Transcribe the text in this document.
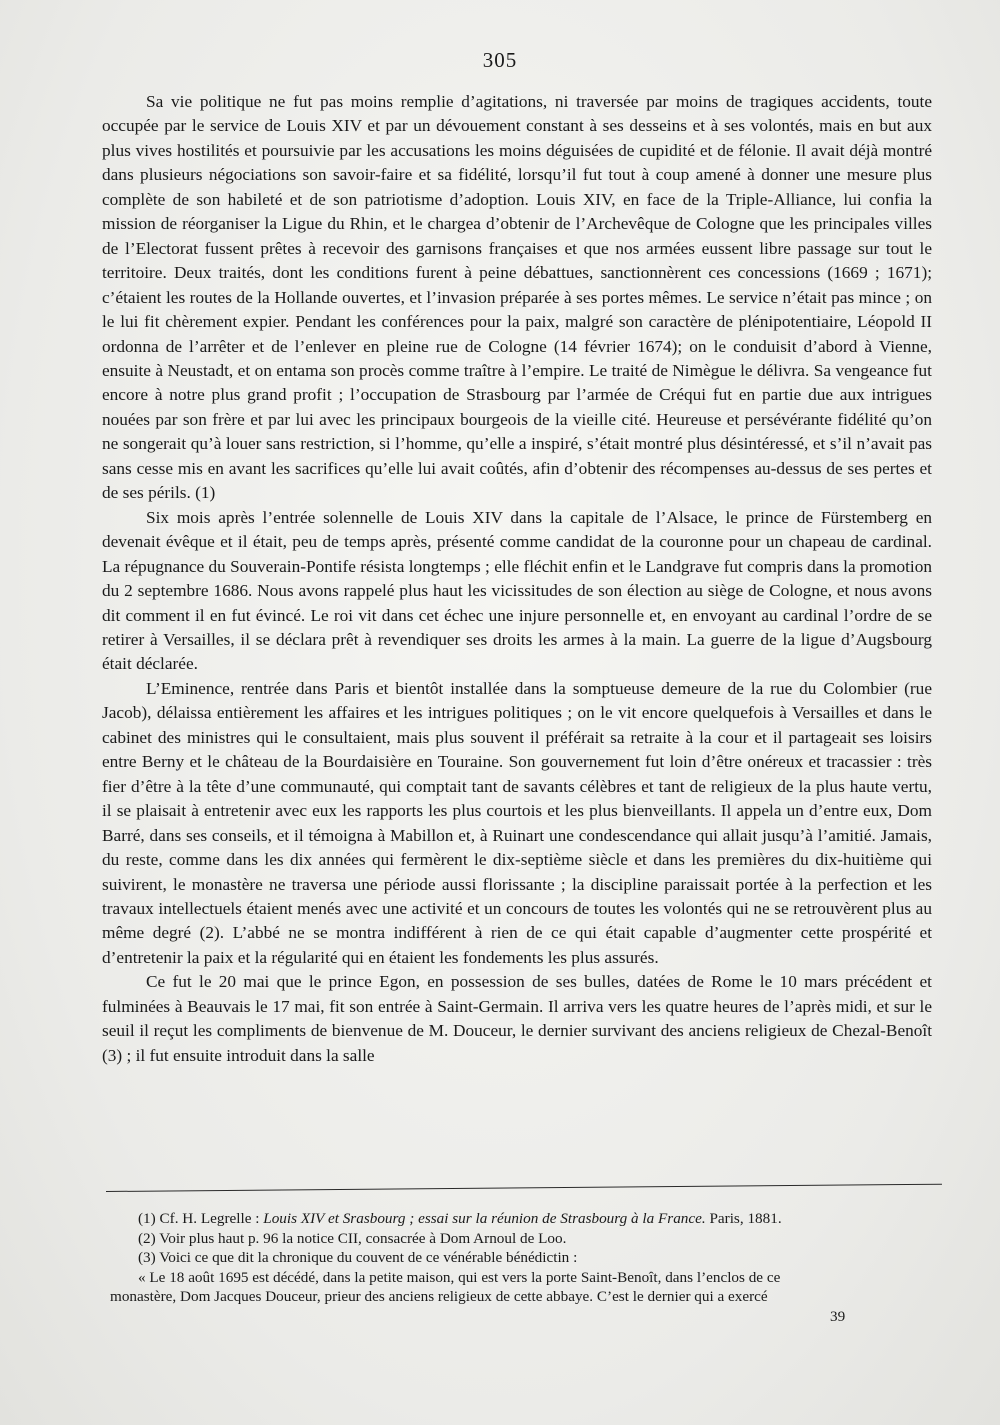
305

Sa vie politique ne fut pas moins remplie d’agitations, ni traversée par moins de tragiques accidents, toute occupée par le service de Louis XIV et par un dévouement constant à ses desseins et à ses volontés, mais en but aux plus vives hostilités et poursuivie par les accusations les moins déguisées de cupidité et de félonie. Il avait déjà montré dans plusieurs négociations son savoir-faire et sa fidélité, lorsqu’il fut tout à coup amené à donner une mesure plus complète de son habileté et de son patriotisme d’adoption. Louis XIV, en face de la Triple-Alliance, lui confia la mission de réorganiser la Ligue du Rhin, et le chargea d’obtenir de l’Archevêque de Cologne que les principales villes de l’Electorat fussent prêtes à recevoir des garnisons françaises et que nos armées eussent libre passage sur tout le territoire. Deux traités, dont les conditions furent à peine débattues, sanctionnèrent ces concessions (1669 ; 1671); c’étaient les routes de la Hollande ouvertes, et l’invasion préparée à ses portes mêmes. Le service n’était pas mince ; on le lui fit chèrement expier. Pendant les conférences pour la paix, malgré son caractère de plénipotentiaire, Léopold II ordonna de l’arrêter et de l’enlever en pleine rue de Cologne (14 février 1674); on le conduisit d’abord à Vienne, ensuite à Neustadt, et on entama son procès comme traître à l’empire. Le traité de Nimègue le délivra. Sa vengeance fut encore à notre plus grand profit ; l’occupation de Strasbourg par l’armée de Créqui fut en partie due aux intrigues nouées par son frère et par lui avec les principaux bourgeois de la vieille cité. Heureuse et persévérante fidélité qu’on ne songerait qu’à louer sans restriction, si l’homme, qu’elle a inspiré, s’était montré plus désintéressé, et s’il n’avait pas sans cesse mis en avant les sacrifices qu’elle lui avait coûtés, afin d’obtenir des récompenses au-dessus de ses pertes et de ses périls. (1)

Six mois après l’entrée solennelle de Louis XIV dans la capitale de l’Alsace, le prince de Fürstemberg en devenait évêque et il était, peu de temps après, présenté comme candidat de la couronne pour un chapeau de cardinal. La répugnance du Souverain-Pontife résista longtemps ; elle fléchit enfin et le Landgrave fut compris dans la promotion du 2 septembre 1686. Nous avons rappelé plus haut les vicissitudes de son élection au siège de Cologne, et nous avons dit comment il en fut évincé. Le roi vit dans cet échec une injure personnelle et, en envoyant au cardinal l’ordre de se retirer à Versailles, il se déclara prêt à revendiquer ses droits les armes à la main. La guerre de la ligue d’Augsbourg était déclarée.

L’Eminence, rentrée dans Paris et bientôt installée dans la somptueuse demeure de la rue du Colombier (rue Jacob), délaissa entièrement les affaires et les intrigues politiques ; on le vit encore quelquefois à Versailles et dans le cabinet des ministres qui le consultaient, mais plus souvent il préférait sa retraite à la cour et il partageait ses loisirs entre Berny et le château de la Bourdaisière en Touraine. Son gouvernement fut loin d’être onéreux et tracassier : très fier d’être à la tête d’une communauté, qui comptait tant de savants célèbres et tant de religieux de la plus haute vertu, il se plaisait à entretenir avec eux les rapports les plus courtois et les plus bienveillants. Il appela un d’entre eux, Dom Barré, dans ses conseils, et il témoigna à Mabillon et, à Ruinart une condescendance qui allait jusqu’à l’amitié. Jamais, du reste, comme dans les dix années qui fermèrent le dix-septième siècle et dans les premières du dix-huitième qui suivirent, le monastère ne traversa une période aussi florissante ; la discipline paraissait portée à la perfection et les travaux intellectuels étaient menés avec une activité et un concours de toutes les volontés qui ne se retrouvèrent plus au même degré (2). L’abbé ne se montra indifférent à rien de ce qui était capable d’augmenter cette prospérité et d’entretenir la paix et la régularité qui en étaient les fondements les plus assurés.

Ce fut le 20 mai que le prince Egon, en possession de ses bulles, datées de Rome le 10 mars précédent et fulminées à Beauvais le 17 mai, fit son entrée à Saint-Germain. Il arriva vers les quatre heures de l’après midi, et sur le seuil il reçut les compliments de bienvenue de M. Douceur, le dernier survivant des anciens religieux de Chezal-Benoît (3) ; il fut ensuite introduit dans la salle

(1) Cf. H. Legrelle : Louis XIV et Srasbourg ; essai sur la réunion de Strasbourg à la France. Paris, 1881.

(2) Voir plus haut p. 96 la notice CII, consacrée à Dom Arnoul de Loo.

(3) Voici ce que dit la chronique du couvent de ce vénérable bénédictin :

« Le 18 août 1695 est décédé, dans la petite maison, qui est vers la porte Saint-Benoît, dans l’enclos de ce

monastère, Dom Jacques Douceur, prieur des anciens religieux de cette abbaye. C’est le dernier qui a exercé

39
